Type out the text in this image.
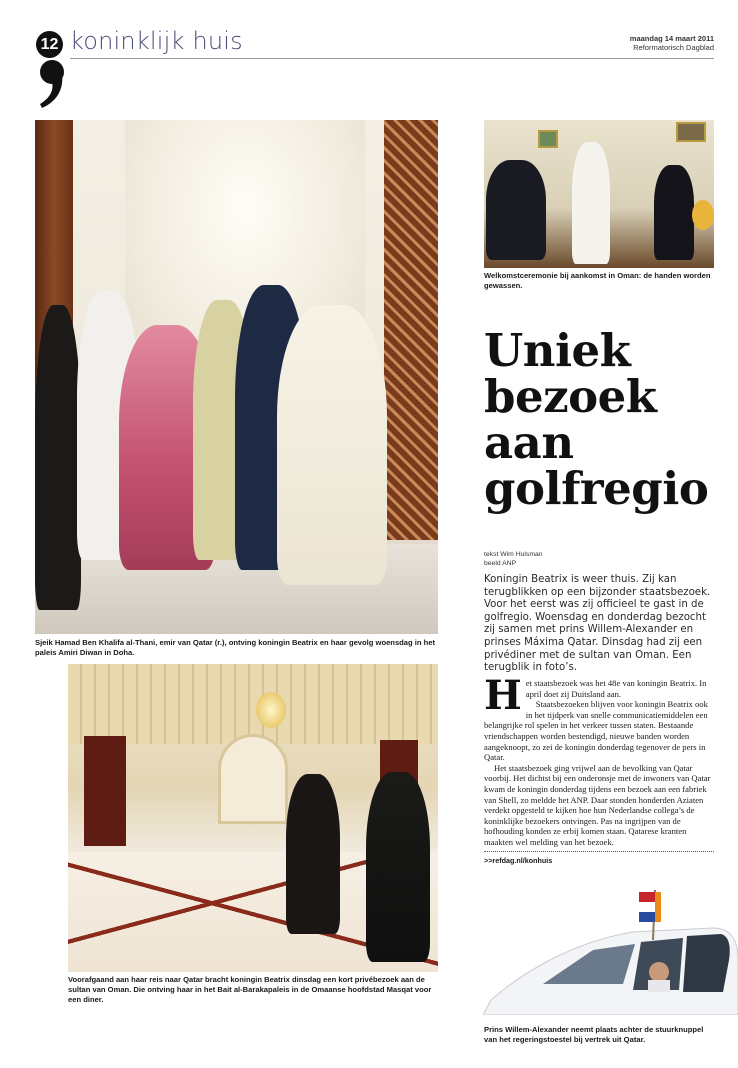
12 koninklijk huis	maandag 14 maart 2011
Reformatorisch Dagblad
Sjeik Hamad Ben Khalifa al-Thani, emir van Qatar (r.), ontving koningin Beatrix en haar gevolg woensdag in het paleis Amiri Diwan in Doha.
Welkomstceremonie bij aankomst in Oman: de handen worden gewassen.
Uniek
bezoek
aan
golfregio
tekst Wim Hulsman
beeld ANP
Koningin Beatrix is weer thuis. Zij kan terugblikken op een bijzonder staatsbezoek. Voor het eerst was zij officieel te gast in de golfregio. Woensdag en donderdag bezocht zij samen met prins Willem-Alexander en prinses Máxima Qatar. Dinsdag had zij een privédiner met de sultan van Oman. Een terugblik in foto’s.

Het staatsbezoek was het 48e van koningin Beatrix. In april doet zij Duitsland aan.

Staatsbezoeken blijven voor koningin Beatrix ook in het tijdperk van snelle communicatiemiddelen een belangrijke rol spelen in het verkeer tussen staten. Bestaande vriendschappen worden bestendigd, nieuwe banden worden aangeknoopt, zo zei de koningin donderdag tegenover de pers in Qatar.

Het staatsbezoek ging vrijwel aan de bevolking van Qatar voorbij. Het dichtst bij een onderonsje met de inwoners van Qatar kwam de koningin donderdag tijdens een bezoek aan een fabriek van Shell, zo meldde het ANP. Daar stonden honderden Aziaten verdekt opgesteld te kijken hoe hun Nederlandse collega’s de koninklijke bezoekers ontvingen. Pas na ingrijpen van de hofhouding konden ze erbij komen staan. Qatarese kranten maakten wel melding van het bezoek.

>>refdag.nl/konhuis
Voorafgaand aan haar reis naar Qatar bracht koningin Beatrix dinsdag een kort privébezoek aan de sultan van Oman. Die ontving haar in het Bait al-Barakapaleis in de Omaanse hoofdstad Masqat voor een diner.
Prins Willem-Alexander neemt plaats achter de stuurknuppel van het regeringstoestel bij vertrek uit Qatar.
